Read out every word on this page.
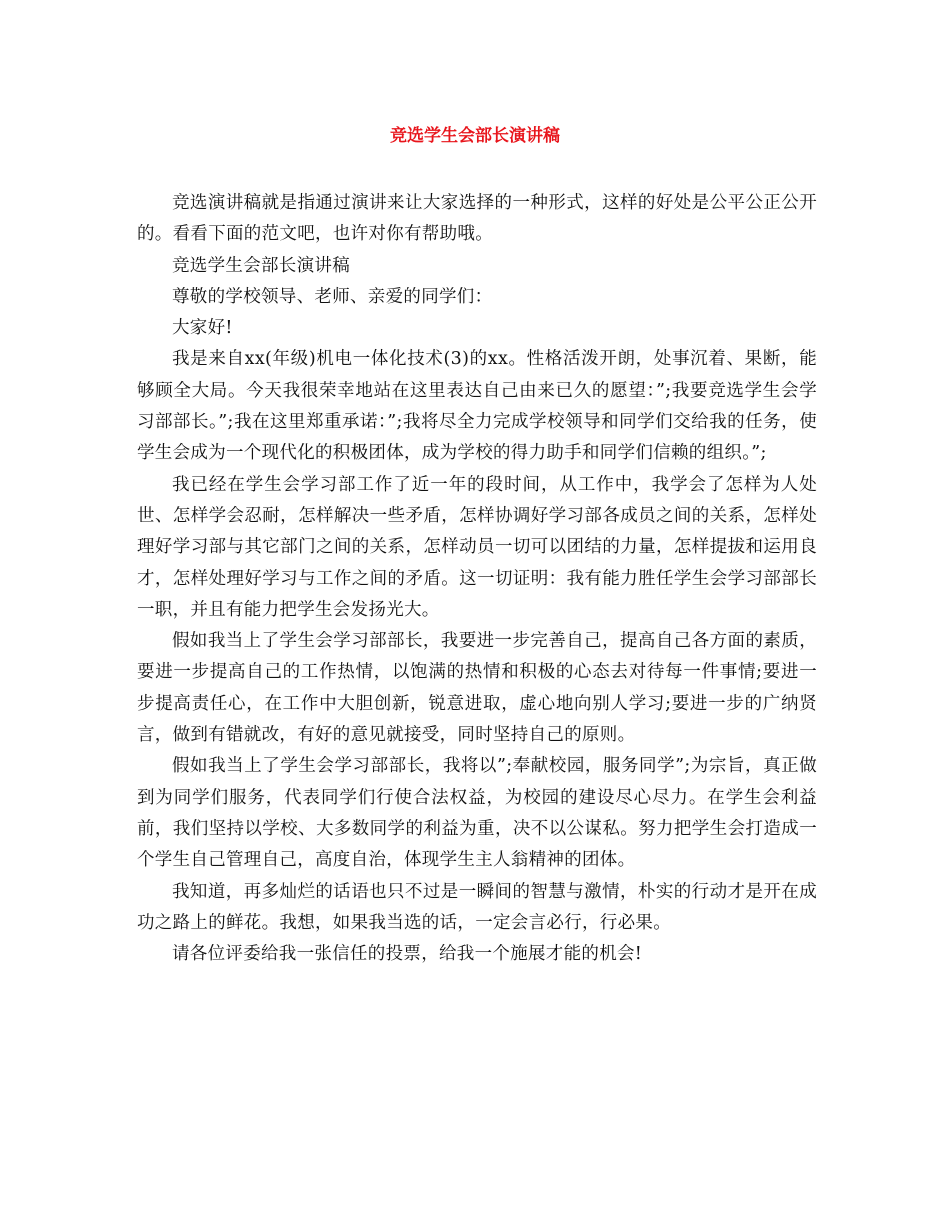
竞选学生会部长演讲稿

竞选演讲稿就是指通过演讲来让大家选择的一种形式，这样的好处是公平公正公开的。看看下面的范文吧，也许对你有帮助哦。

竞选学生会部长演讲稿

尊敬的学校领导、老师、亲爱的同学们：

大家好!

我是来自xx(年级)机电一体化技术(3)的xx。性格活泼开朗，处事沉着、果断，能够顾全大局。今天我很荣幸地站在这里表达自己由来已久的愿望：”;我要竞选学生会学习部部长。”;我在这里郑重承诺：”;我将尽全力完成学校领导和同学们交给我的任务，使学生会成为一个现代化的积极团体，成为学校的得力助手和同学们信赖的组织。”;

我已经在学生会学习部工作了近一年的段时间，从工作中，我学会了怎样为人处世、怎样学会忍耐，怎样解决一些矛盾，怎样协调好学习部各成员之间的关系，怎样处理好学习部与其它部门之间的关系，怎样动员一切可以团结的力量，怎样提拔和运用良才，怎样处理好学习与工作之间的矛盾。这一切证明：我有能力胜任学生会学习部部长一职，并且有能力把学生会发扬光大。

假如我当上了学生会学习部部长，我要进一步完善自己，提高自己各方面的素质，要进一步提高自己的工作热情，以饱满的热情和积极的心态去对待每一件事情;要进一步提高责任心，在工作中大胆创新，锐意进取，虚心地向别人学习;要进一步的广纳贤言，做到有错就改，有好的意见就接受，同时坚持自己的原则。

假如我当上了学生会学习部部长，我将以”;奉献校园，服务同学”;为宗旨，真正做到为同学们服务，代表同学们行使合法权益，为校园的建设尽心尽力。在学生会利益前，我们坚持以学校、大多数同学的利益为重，决不以公谋私。努力把学生会打造成一个学生自己管理自己，高度自治，体现学生主人翁精神的团体。

我知道，再多灿烂的话语也只不过是一瞬间的智慧与激情，朴实的行动才是开在成功之路上的鲜花。我想，如果我当选的话，一定会言必行，行必果。

请各位评委给我一张信任的投票，给我一个施展才能的机会!
